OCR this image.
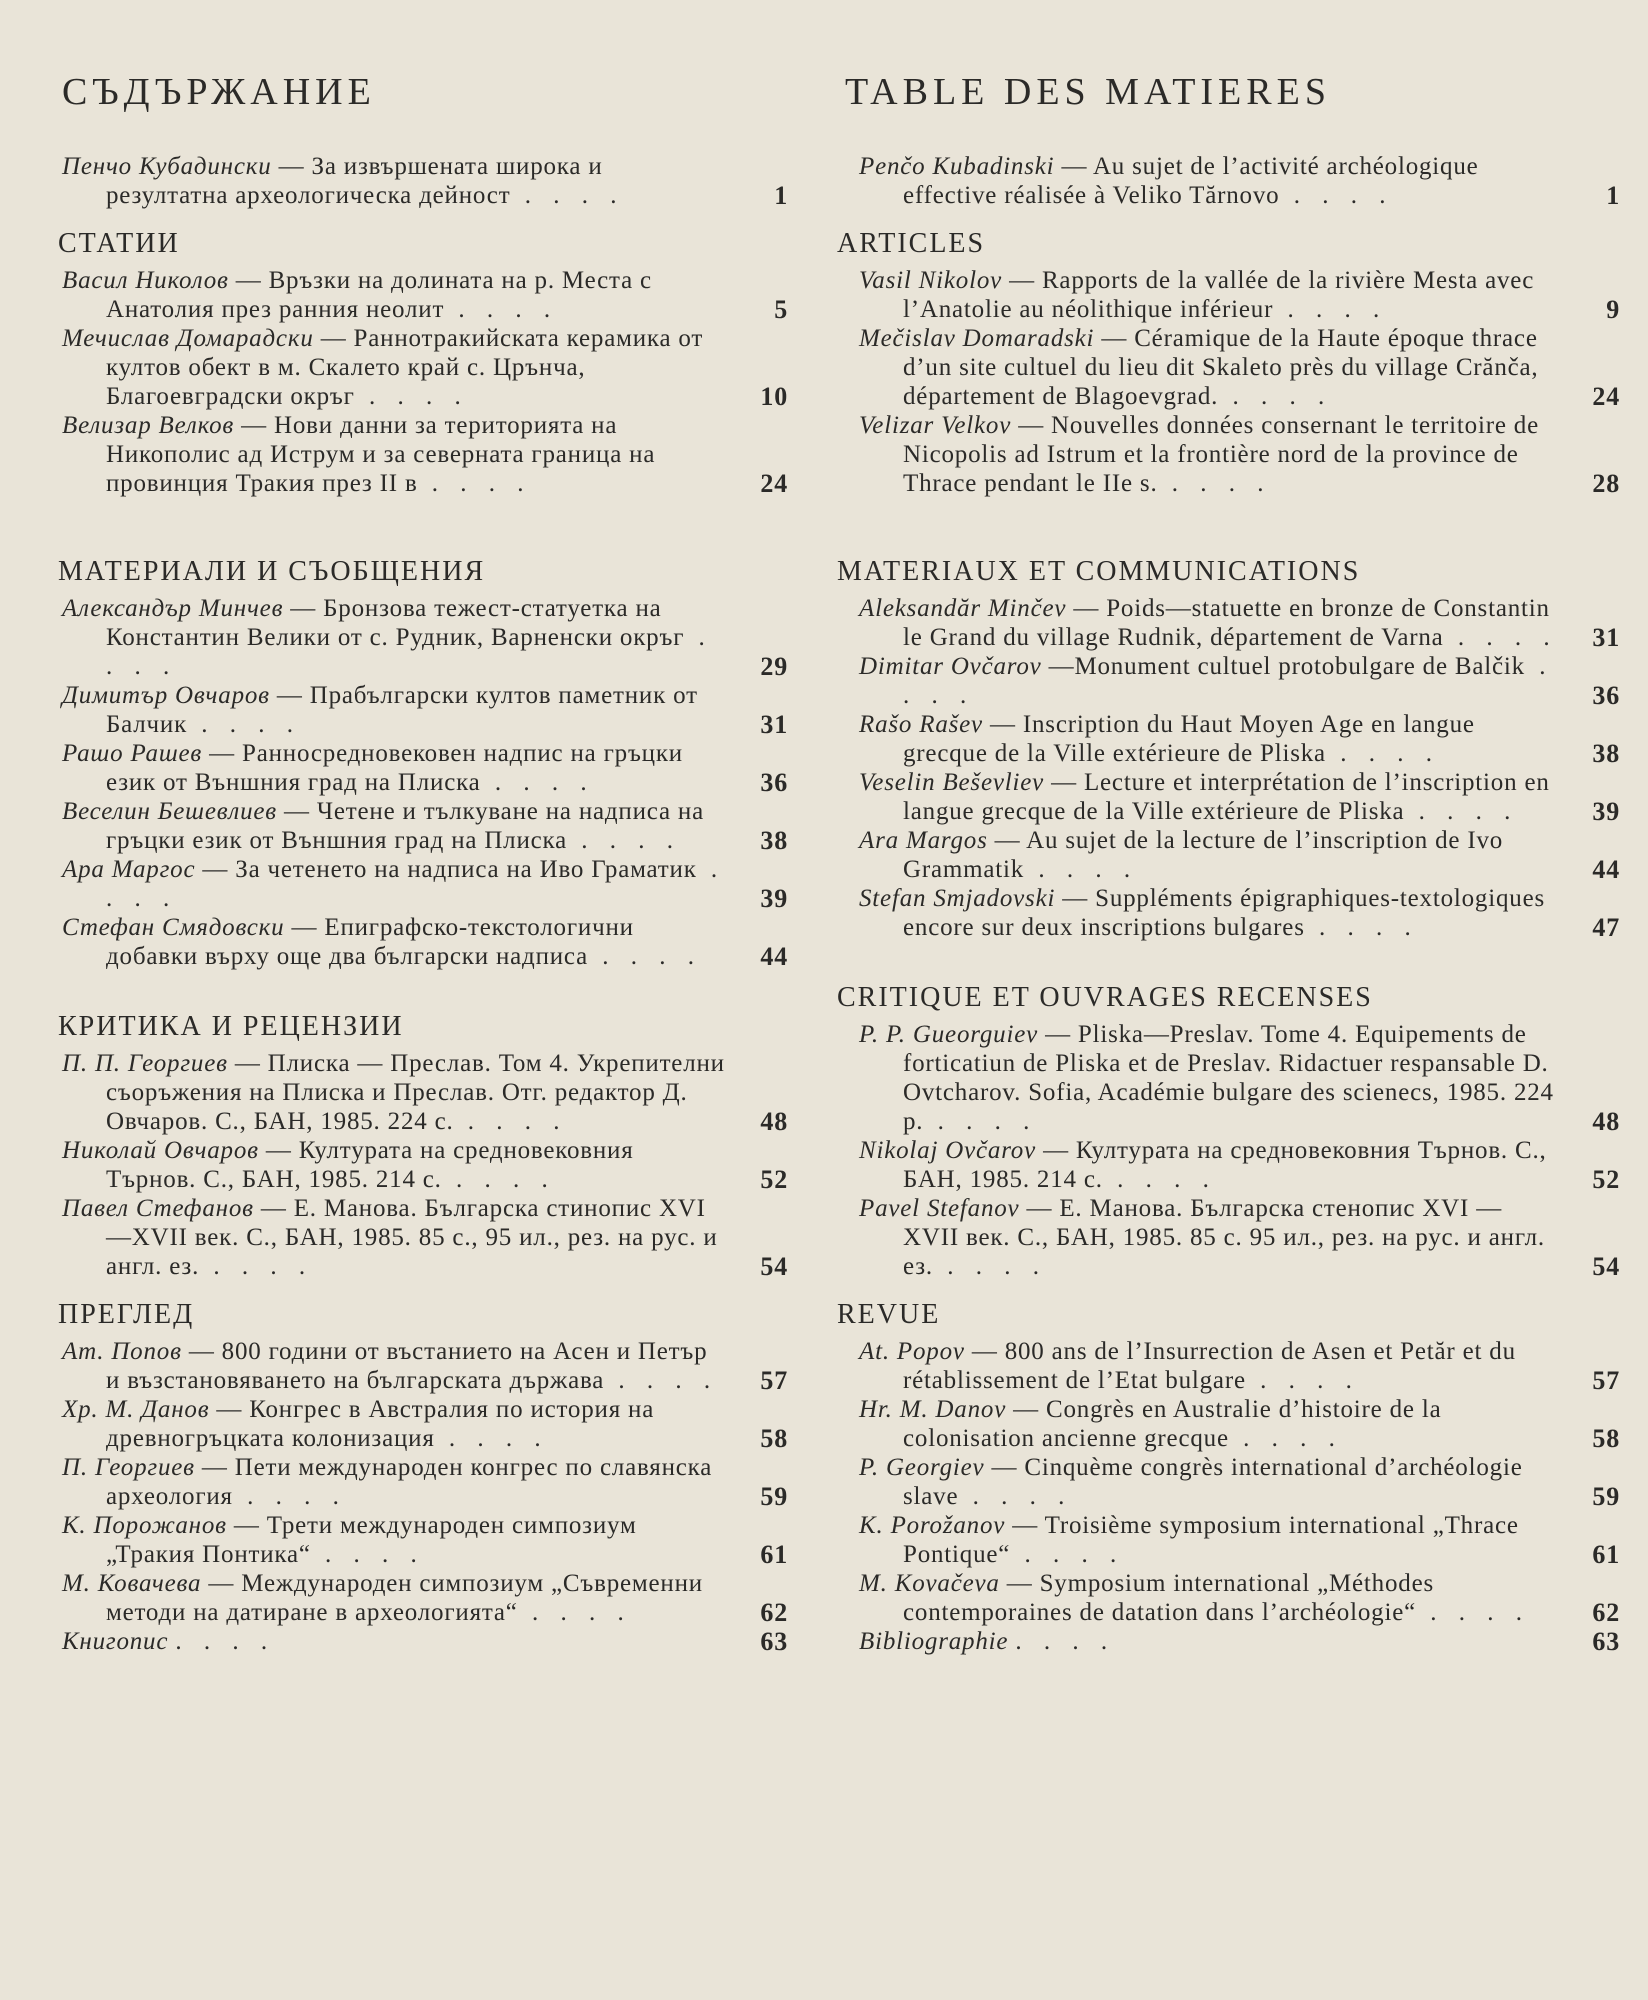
СЪДЪРЖАНИЕ
Пенчо Кубадински — За извършената широка и резултатна археологическа дейност . . . .	1
СТАТИИ
Васил Николов — Връзки на долината на р. Места с Анатолия през ранния неолит . . . .	5
Мечислав Домарадски — Раннотракийската керамика от култов обект в м. Скалето край с. Црънча, Благоевградски окръг . . . .	10
Велизар Велков — Нови данни за територията на Никополис ад Иструм и за северната граница на провинция Тракия през II в . . . .	24
МАТЕРИАЛИ И СЪОБЩЕНИЯ
Александър Минчев — Бронзова тежест-статуетка на Константин Велики от с. Рудник, Варненски окръг . . . .	29
Димитър Овчаров — Прабългарски култов паметник от Балчик . . . .	31
Рашо Рашев — Ранносредновековен надпис на гръцки език от Външния град на Плиска . . . .	36
Веселин Бешевлиев — Четене и тълкуване на надписа на гръцки език от Външния град на Плиска . . . .	38
Ара Маргос — За четенето на надписа на Иво Граматик . . . .	39
Стефан Смядовски — Епиграфско-текстологични добавки върху още два български надписа . . . . 44
КРИТИКА И РЕЦЕНЗИИ
П. П. Георгиев — Плиска — Преслав. Том 4. Укрепителни съоръжения на Плиска и Преслав. Отг. редактор Д. Овчаров. С., БАН, 1985. 224 с. . . . .	48
Николай Овчаров — Културата на средновековния Търнов. С., БАН, 1985. 214 с. . . . .	52
Павел Стефанов — Е. Манова. Българска стинопис XVI—XVII век. С., БАН, 1985. 85 с., 95 ил., рез. на рус. и англ. ез. . . . .	54
ПРЕГЛЕД
Ат. Попов — 800 години от въстанието на Асен и Петър и възстановяването на българската държава . . . . 57
Хр. М. Данов — Конгрес в Австралия по история на древногръцката колонизация . . . .	58
П. Георгиев — Пети международен конгрес по славянска археология . . . .	59
К. Порожанов — Трети международен симпозиум „Тракия Понтика“ . . . .	61
М. Ковачева — Международен симпозиум „Съвременни методи на датиране в археологията“ . . . .	62
Книгопис . . . .	63
TABLE DES MATIERES
Penčo Kubadinski — Au sujet de l’activité archéologique effective réalisée à Veliko Tărnovo . . . .	1
ARTICLES
Vasil Nikolov — Rapports de la vallée de la rivière Mesta avec l’Anatolie au néolithique inférieur . . . .	9
Mečislav Domaradski — Céramique de la Haute époque thrace d’un site cultuel du lieu dit Skaleto près du village Crănča, département de Blagoevgrad. . . . .	24
Velizar Velkov — Nouvelles données consernant le territoire de Nicopolis ad Istrum et la frontière nord de la province de Thrace pendant le IIe s. . . . .	28
MATERIAUX ET COMMUNICATIONS
Aleksandăr Minčev — Poids—statuette en bronze de Constantin le Grand du village Rudnik, département de Varna . . . . 31
Dimitar Ovčarov —Monument cultuel protobulgare de Balčik . . . .	36
Rašo Rašev — Inscription du Haut Moyen Age en langue grecque de la Ville extérieure de Pliska . . . .	38
Veselin Beševliev — Lecture et interprétation de l’inscription en langue grecque de la Ville extérieure de Pliska . . . .	39
Ara Margos — Au sujet de la lecture de l’inscription de Ivo Grammatik . . . .	44
Stefan Smjadovski — Suppléments épigraphiques-textologiques encore sur deux inscriptions bulgares . . . .	47
CRITIQUE ET OUVRAGES RECENSES
P. P. Gueorguiev — Pliska—Preslav. Tome 4. Equipements de forticatiun de Pliska et de Preslav. Ridactuer respansable D. Ovtcharov. Sofia, Académie bulgare des scienecs, 1985. 224 p. . . . .	48
Nikolaj Ovčarov — Културата на средновековния Търнов. С., БАН, 1985. 214 с. . . . .	52
Pavel Stefanov — Е. Манова. Българска стенопис XVI — XVII век. С., БАН, 1985. 85 с. 95 ил., рез. на рус. и англ. ез. . . . .	54
REVUE
At. Popov — 800 ans de l’Insurrection de Asen et Petăr et du rétablissement de l’Etat bulgare . . . .	57
Hr. M. Danov — Congrès en Australie d’histoire de la colonisation ancienne grecque . . . .	58
P. Georgiev — Cinquème congrès international d’archéologie slave . . . .	59
K. Porožanov — Troisième symposium international „Thrace Pontique“ . . . .	61
M. Kovačeva — Symposium international „Méthodes contemporaines de datation dans l’archéologie“ . . . . 62
Bibliographie . . . .	63
